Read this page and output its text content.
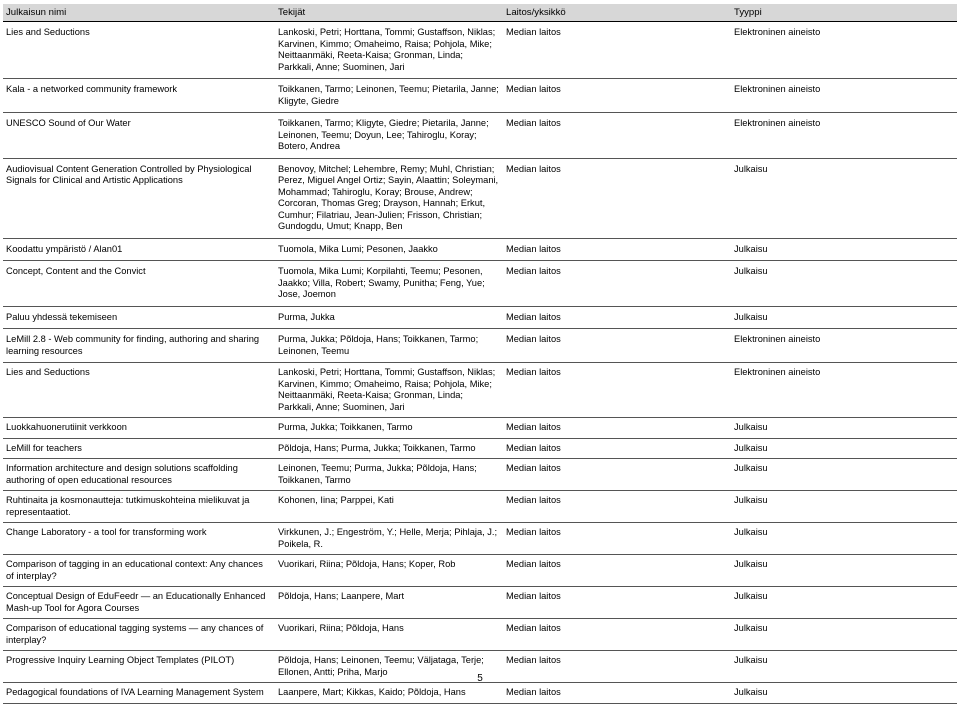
Julkaisun nimi	Tekijät	Laitos/yksikkö	Tyyppi
Lies and Seductions	Lankoski, Petri; Horttana, Tommi; Gustaffson, Niklas; Karvinen, Kimmo; Omaheimo, Raisa; Pohjola, Mike; Neittaanmäki, Reeta-Kaisa; Gronman, Linda; Parkkali, Anne; Suominen, Jari	Median laitos	Elektroninen aineisto
Kala - a networked community framework	Toikkanen, Tarmo; Leinonen, Teemu; Pietarila, Janne; Kligyte, Giedre	Median laitos	Elektroninen aineisto
UNESCO Sound of Our Water	Toikkanen, Tarmo; Kligyte, Giedre; Pietarila, Janne; Leinonen, Teemu; Doyun, Lee; Tahiroglu, Koray; Botero, Andrea	Median laitos	Elektroninen aineisto
Audiovisual Content Generation Controlled by Physiological Signals for Clinical and Artistic Applications	Benovoy, Mitchel; Lehembre, Remy; Muhl, Christian; Perez, Miguel Angel Ortiz; Sayin, Alaattin; Soleymani, Mohammad; Tahiroglu, Koray; Brouse, Andrew; Corcoran, Thomas Greg; Drayson, Hannah; Erkut, Cumhur; Filatriau, Jean-Julien; Frisson, Christian; Gundogdu, Umut; Knapp, Ben	Median laitos	Julkaisu
Koodattu ympäristö / Alan01	Tuomola, Mika Lumi; Pesonen, Jaakko	Median laitos	Julkaisu
Concept, Content and the Convict	Tuomola, Mika Lumi; Korpilahti, Teemu; Pesonen, Jaakko; Villa, Robert; Swamy, Punitha; Feng, Yue; Jose, Joemon	Median laitos	Julkaisu
Paluu yhdessä tekemiseen	Purma, Jukka	Median laitos	Julkaisu
LeMill 2.8 - Web community for finding, authoring and sharing learning resources	Purma, Jukka; Põldoja, Hans; Toikkanen, Tarmo; Leinonen, Teemu	Median laitos	Elektroninen aineisto
Lies and Seductions	Lankoski, Petri; Horttana, Tommi; Gustaffson, Niklas; Karvinen, Kimmo; Omaheimo, Raisa; Pohjola, Mike; Neittaanmäki, Reeta-Kaisa; Gronman, Linda; Parkkali, Anne; Suominen, Jari	Median laitos	Elektroninen aineisto
Luokkahuonerutiinit verkkoon	Purma, Jukka; Toikkanen, Tarmo	Median laitos	Julkaisu
LeMill for teachers	Põldoja, Hans; Purma, Jukka; Toikkanen, Tarmo	Median laitos	Julkaisu
Information architecture and design solutions scaffolding authoring of open educational resources	Leinonen, Teemu; Purma, Jukka; Põldoja, Hans; Toikkanen, Tarmo	Median laitos	Julkaisu
Ruhtinaita ja kosmonautteja: tutkimuskohteina mielikuvat ja representaatiot.	Kohonen, Iina; Parppei, Kati	Median laitos	Julkaisu
Change Laboratory - a tool for transforming work	Virkkunen, J.; Engeström, Y.; Helle, Merja; Pihlaja, J.; Poikela, R.	Median laitos	Julkaisu
Comparison of tagging in an educational context: Any chances of interplay?	Vuorikari, Riina; Põldoja, Hans; Koper, Rob	Median laitos	Julkaisu
Conceptual Design of EduFeedr — an Educationally Enhanced Mash-up Tool for Agora Courses	Põldoja, Hans; Laanpere, Mart	Median laitos	Julkaisu
Comparison of educational tagging systems — any chances of interplay?	Vuorikari, Riina; Põldoja, Hans	Median laitos	Julkaisu
Progressive Inquiry Learning Object Templates (PILOT)	Põldoja, Hans; Leinonen, Teemu; Väljataga, Terje; Ellonen, Antti; Priha, Marjo	Median laitos	Julkaisu
Pedagogical foundations of IVA Learning Management System	Laanpere, Mart; Kikkas, Kaido; Põldoja, Hans	Median laitos	Julkaisu
5
